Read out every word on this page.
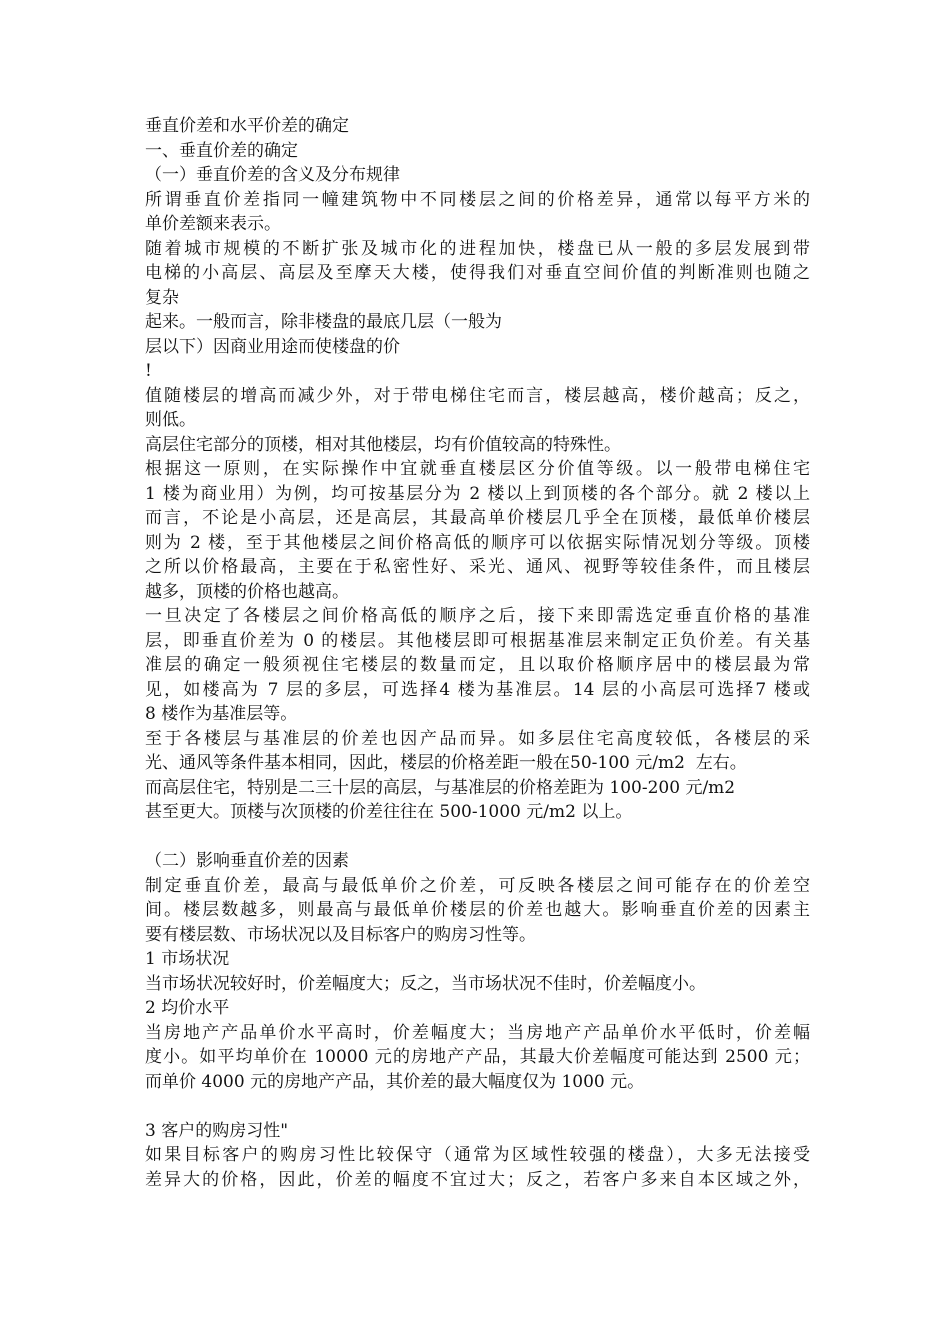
垂直价差和水平价差的确定
一、垂直价差的确定
（一）垂直价差的含义及分布规律
所谓垂直价差指同一幢建筑物中不同楼层之间的价格差异，通常以每平方米的
单价差额来表示。
随着城市规模的不断扩张及城市化的进程加快，楼盘已从一般的多层发展到带
电梯的小高层、高层及至摩天大楼，使得我们对垂直空间价值的判断准则也随之
复杂
起来。一般而言，除非楼盘的最底几层（一般为
层以下）因商业用途而使楼盘的价
!
值随楼层的增高而减少外，对于带电梯住宅而言，楼层越高，楼价越高；反之，
则低。
高层住宅部分的顶楼，相对其他楼层，均有价值较高的特殊性。
根据这一原则，在实际操作中宜就垂直楼层区分价值等级。以一般带电梯住宅
1 楼为商业用）为例，均可按基层分为 2 楼以上到顶楼的各个部分。就 2 楼以上
而言，不论是小高层，还是高层，其最高单价楼层几乎全在顶楼，最低单价楼层
则为 2 楼，至于其他楼层之间价格高低的顺序可以依据实际情况划分等级。顶楼
之所以价格最高，主要在于私密性好、采光、通风、视野等较佳条件，而且楼层
越多，顶楼的价格也越高。
一旦决定了各楼层之间价格高低的顺序之后，接下来即需选定垂直价格的基准
层，即垂直价差为 0 的楼层。其他楼层即可根据基准层来制定正负价差。有关基
准层的确定一般须视住宅楼层的数量而定，且以取价格顺序居中的楼层最为常
见，如楼高为 7 层的多层，可选择4 楼为基准层。14 层的小高层可选择7 楼或
8 楼作为基准层等。
至于各楼层与基准层的价差也因产品而异。如多层住宅高度较低，各楼层的采
光、通风等条件基本相同，因此，楼层的价格差距一般在50-100 元/m2  左右。
而高层住宅，特别是二三十层的高层，与基准层的价格差距为 100-200 元/m2
甚至更大。顶楼与次顶楼的价差往往在 500-1000 元/m2 以上。
（二）影响垂直价差的因素
制定垂直价差，最高与最低单价之价差，可反映各楼层之间可能存在的价差空
间。楼层数越多，则最高与最低单价楼层的价差也越大。影响垂直价差的因素主
要有楼层数、市场状况以及目标客户的购房习性等。
1 市场状况
当市场状况较好时，价差幅度大；反之，当市场状况不佳时，价差幅度小。
2 均价水平
当房地产产品单价水平高时，价差幅度大；当房地产产品单价水平低时，价差幅
度小。如平均单价在 10000 元的房地产产品，其最大价差幅度可能达到 2500 元；
而单价 4000 元的房地产产品，其价差的最大幅度仅为 1000 元。
3 客户的购房习性"
如果目标客户的购房习性比较保守（通常为区域性较强的楼盘），大多无法接受
差异大的价格，因此，价差的幅度不宜过大；反之，若客户多来自本区域之外，
